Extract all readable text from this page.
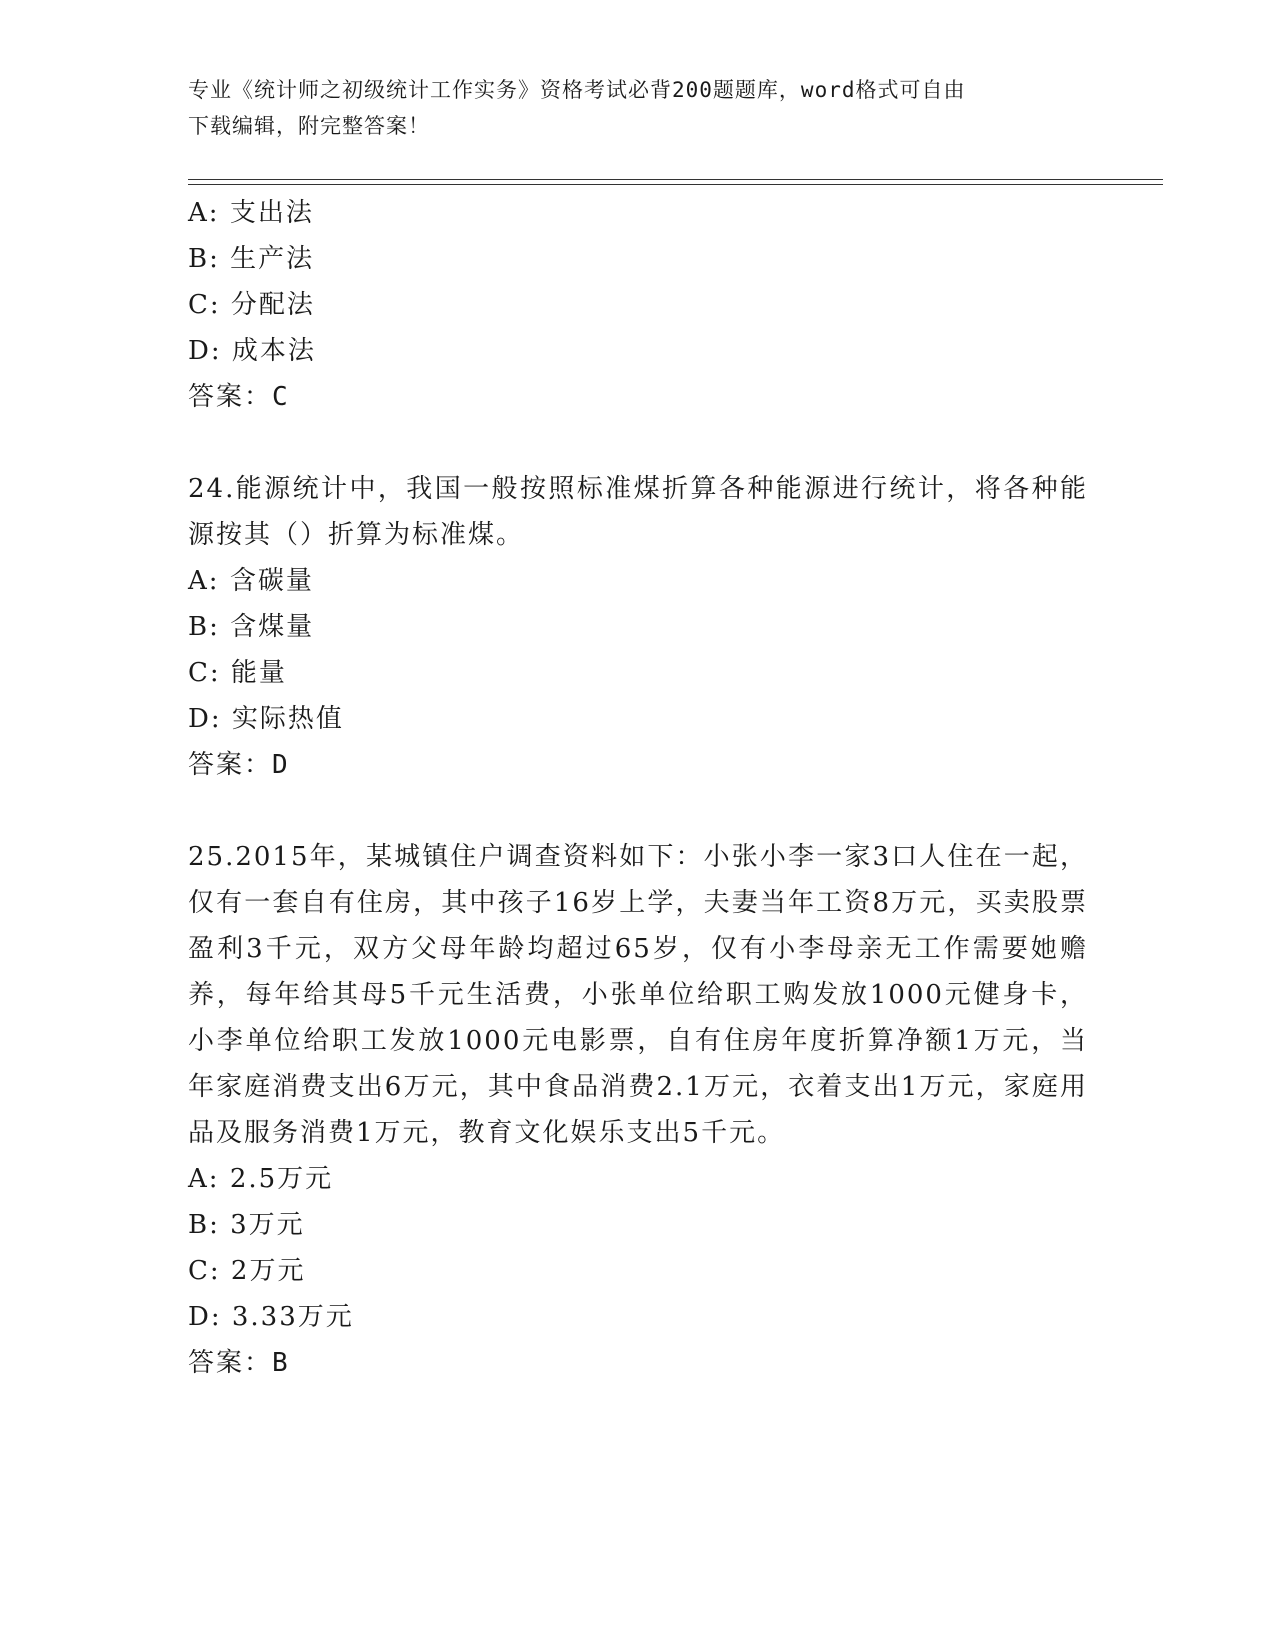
专业《统计师之初级统计工作实务》资格考试必背200题题库，word格式可自由
下载编辑，附完整答案！
A: 支出法
B: 生产法
C: 分配法
D: 成本法
答案：C
24.能源统计中，我国一般按照标准煤折算各种能源进行统计，将各种能源按其（）折算为标准煤。
A: 含碳量
B: 含煤量
C: 能量
D: 实际热值
答案：D
25.2015年，某城镇住户调查资料如下：小张小李一家3口人住在一起，仅有一套自有住房，其中孩子16岁上学，夫妻当年工资8万元，买卖股票盈利3千元，双方父母年龄均超过65岁，仅有小李母亲无工作需要她赡养，每年给其母5千元生活费，小张单位给职工购发放1000元健身卡，小李单位给职工发放1000元电影票，自有住房年度折算净额1万元，当年家庭消费支出6万元，其中食品消费2.1万元，衣着支出1万元，家庭用品及服务消费1万元，教育文化娱乐支出5千元。
A: 2.5万元
B: 3万元
C: 2万元
D: 3.33万元
答案：B
